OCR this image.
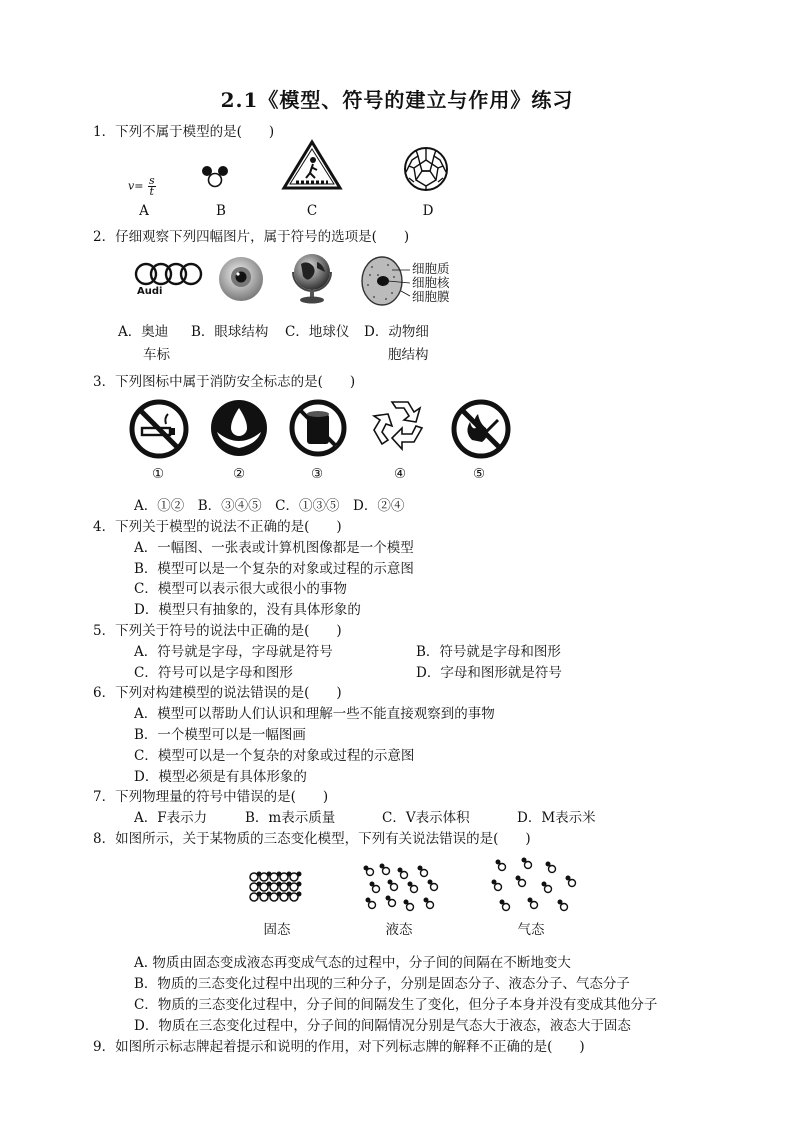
2.1《模型、符号的建立与作用》练习
1．下列不属于模型的是(　　)
$v= \frac{s}{t}$
A	B	C	D
2．仔细观察下列四幅图片，属于符号的选项是(　　)
Audi
细胞质
细胞核
细胞膜
A．奥迪 B．眼球结构 C．地球仪 D．动物细
车标	胞结构
3．下列图标中属于消防安全标志的是(　　)
①	②	③	④	⑤
A．①②　B．③④⑤　C．①③⑤　D．②④
4．下列关于模型的说法不正确的是(　　)
A．一幅图、一张表或计算机图像都是一个模型
B．模型可以是一个复杂的对象或过程的示意图
C．模型可以表示很大或很小的事物
D．模型只有抽象的，没有具体形象的
5．下列关于符号的说法中正确的是(　　)
A．符号就是字母，字母就是符号	B．符号就是字母和图形
C．符号可以是字母和图形	D．字母和图形就是符号
6．下列对构建模型的说法错误的是(　　)
A．模型可以帮助人们认识和理解一些不能直接观察到的事物
B．一个模型可以是一幅图画
C．模型可以是一个复杂的对象或过程的示意图
D．模型必须是有具体形象的
7．下列物理量的符号中错误的是(　　)
A．F表示力	B．m表示质量	C．V表示体积	D．M表示米
8．如图所示，关于某物质的三态变化模型，下列有关说法错误的是(　　)
固态	液态	气态
A. 物质由固态变成液态再变成气态的过程中，分子间的间隔在不断地变大
B．物质的三态变化过程中出现的三种分子，分别是固态分子、液态分子、气态分子
C．物质的三态变化过程中，分子间的间隔发生了变化，但分子本身并没有变成其他分子
D．物质在三态变化过程中，分子间的间隔情况分别是气态大于液态，液态大于固态
9．如图所示标志牌起着提示和说明的作用，对下列标志牌的解释不正确的是(　　)
